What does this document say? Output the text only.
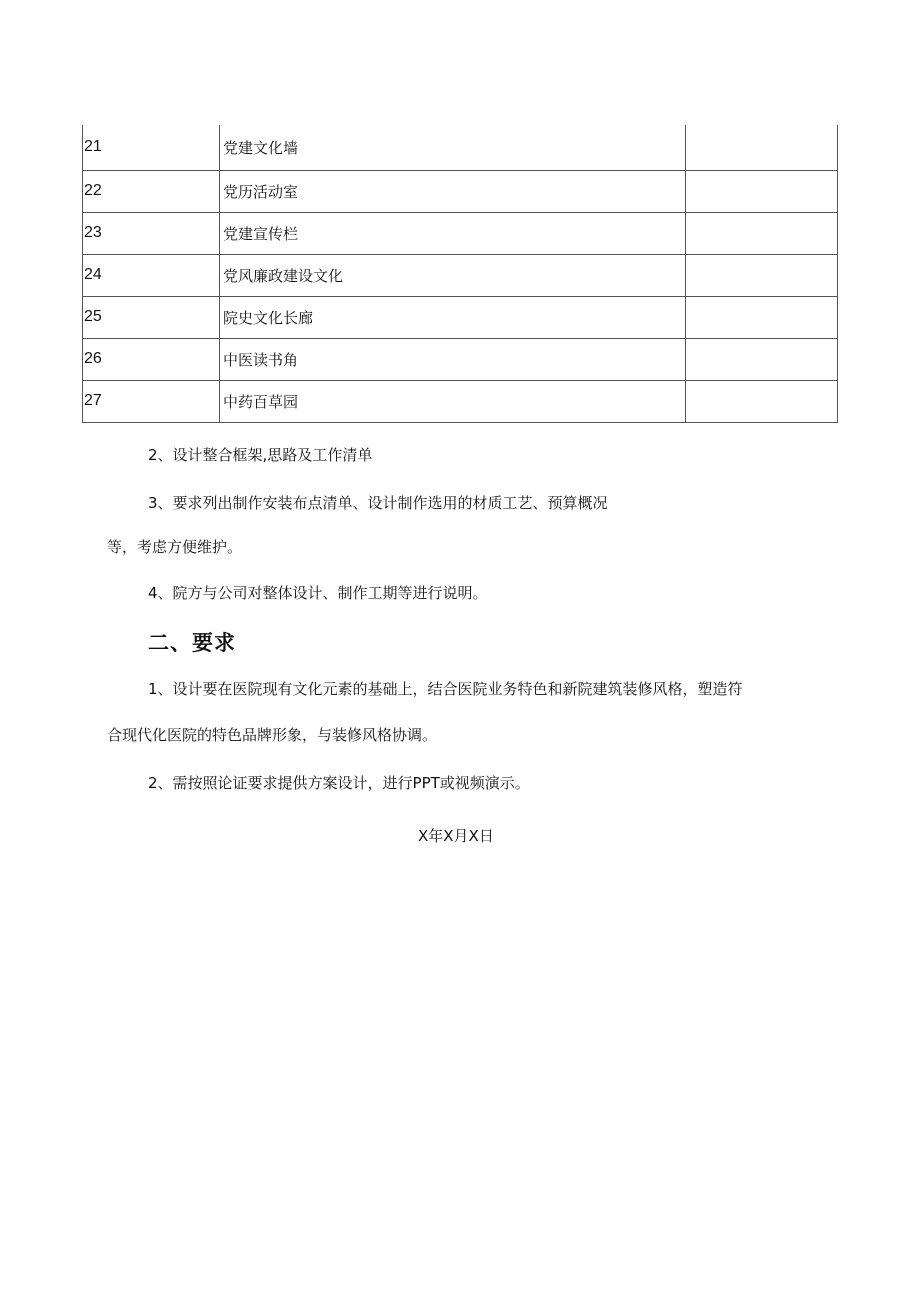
21	党建文化墙	
22	党历活动室	
23	党建宣传栏	
24	党风廉政建设文化	
25	院史文化长廊	
26	中医读书角	
27	中药百草园	

2、设计整合框架,思路及工作清单

3、要求列出制作安装布点清单、设计制作选用的材质工艺、预算概况

等，考虑方便维护。

4、院方与公司对整体设计、制作工期等进行说明。

二、要求

1、设计要在医院现有文化元素的基础上，结合医院业务特色和新院建筑装修风格，塑造符

合现代化医院的特色品牌形象，与装修风格协调。

2、需按照论证要求提供方案设计，进行PPT或视频演示。

X年X月X日
